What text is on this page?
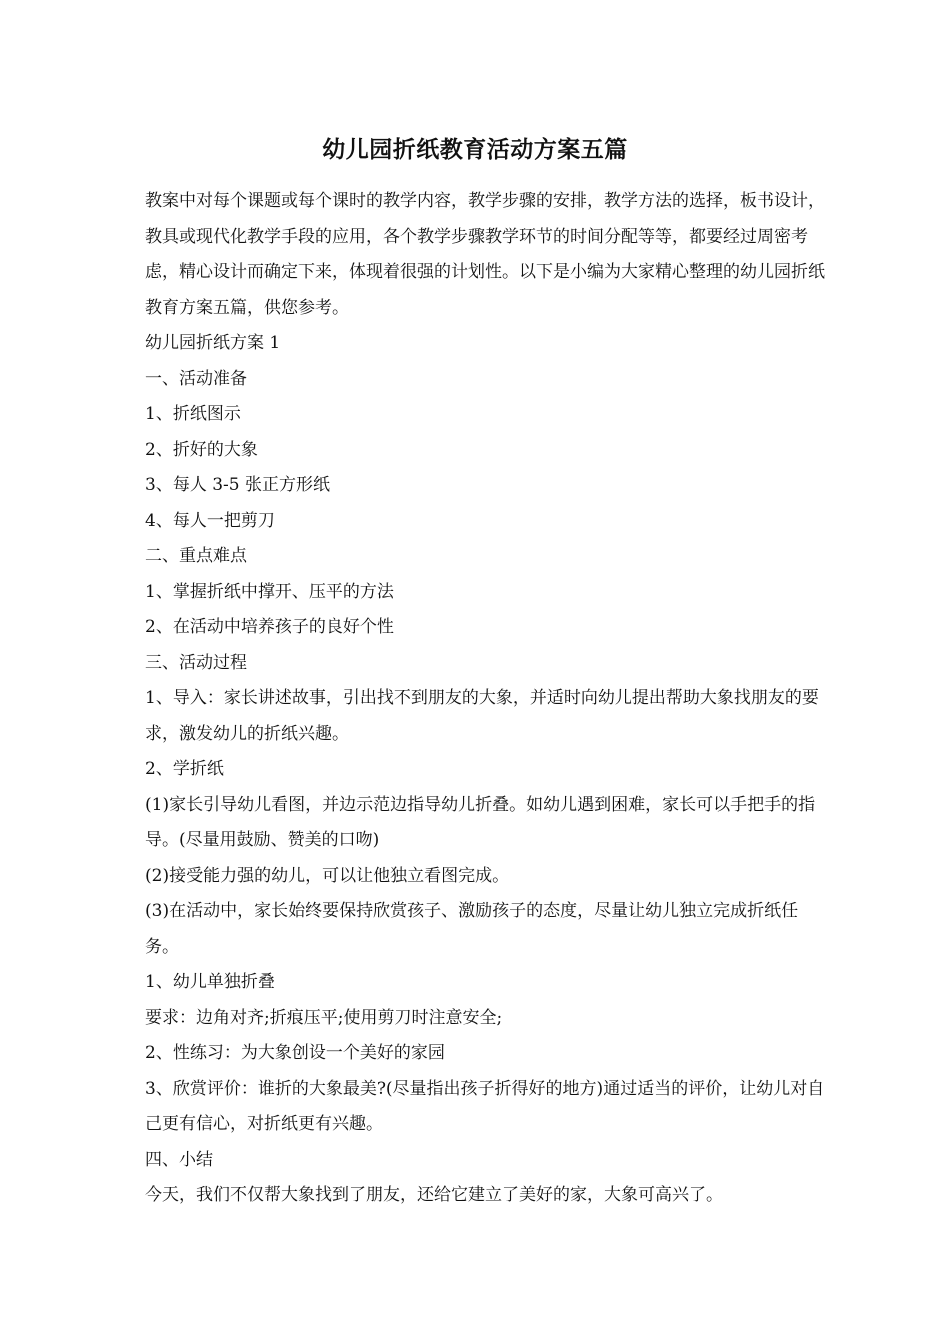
幼儿园折纸教育活动方案五篇

教案中对每个课题或每个课时的教学内容，教学步骤的安排，教学方法的选择，板书设计，教具或现代化教学手段的应用，各个教学步骤教学环节的时间分配等等，都要经过周密考虑，精心设计而确定下来，体现着很强的计划性。以下是小编为大家精心整理的幼儿园折纸教育方案五篇，供您参考。

幼儿园折纸方案 1

一、活动准备

1、折纸图示

2、折好的大象

3、每人 3-5 张正方形纸

4、每人一把剪刀

二、重点难点

1、掌握折纸中撑开、压平的方法

2、在活动中培养孩子的良好个性

三、活动过程

1、导入：家长讲述故事，引出找不到朋友的大象，并适时向幼儿提出帮助大象找朋友的要求，激发幼儿的折纸兴趣。

2、学折纸

(1)家长引导幼儿看图，并边示范边指导幼儿折叠。如幼儿遇到困难，家长可以手把手的指导。(尽量用鼓励、赞美的口吻)

(2)接受能力强的幼儿，可以让他独立看图完成。

(3)在活动中，家长始终要保持欣赏孩子、激励孩子的态度，尽量让幼儿独立完成折纸任务。

1、幼儿单独折叠

要求：边角对齐;折痕压平;使用剪刀时注意安全;

2、性练习：为大象创设一个美好的家园

3、欣赏评价：谁折的大象最美?(尽量指出孩子折得好的地方)通过适当的评价，让幼儿对自己更有信心，对折纸更有兴趣。

四、小结

今天，我们不仅帮大象找到了朋友，还给它建立了美好的家，大象可高兴了。
